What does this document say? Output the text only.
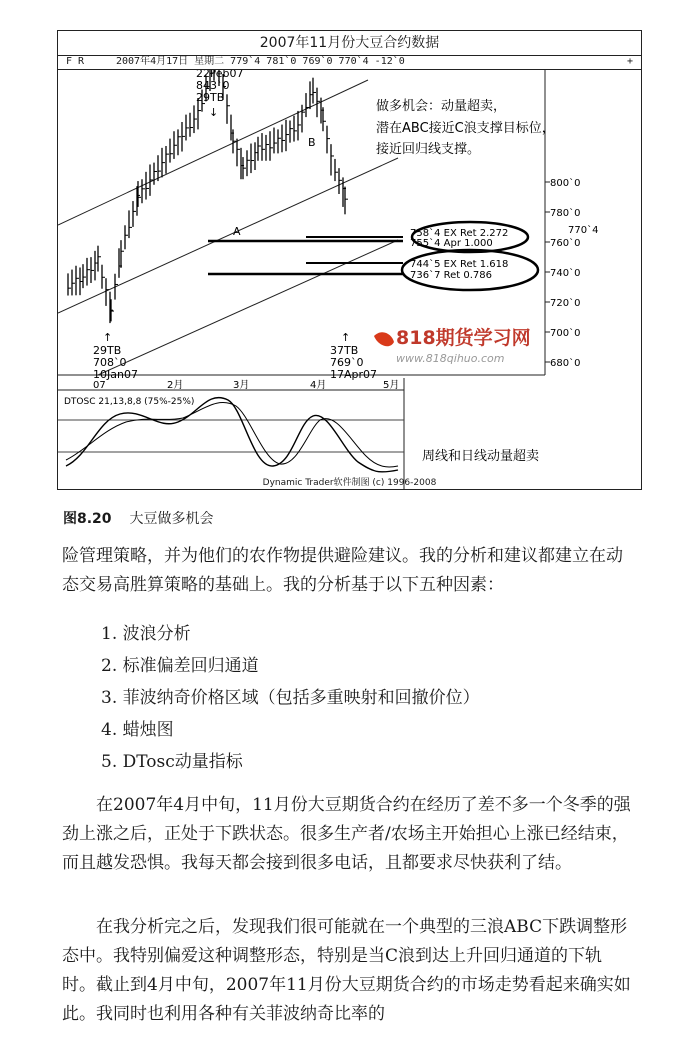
2007年11月份大豆合约数据
F R	2007年4月17日 星期二 779`4 781`0 769`0 770`4 -12`0	+
758`4 EX Ret 2.272
755`4 Apr 1.000
744`5 EX Ret 1.618
736`7 Ret 0.786
800`0
780`0
770`4
760`0
740`0
720`0
700`0
680`0
22Feb07
843`0
29TB
↓
↑
29TB
708`0
10Jan07
↑
37TB
769`0
17Apr07
A
B
做多机会：动量超卖，
潜在ABC接近C浪支撑目标位，
接近回归线支撑。
07	2月	3月	4月	5月
DTOSC 21,13,8,8 (75%-25%)
周线和日线动量超卖
Dynamic Trader软件制图 (c) 1996-2008
818期货学习网
www.818qihuo.com
图8.20 大豆做多机会

险管理策略，并为他们的农作物提供避险建议。我的分析和建议都建立在动态交易高胜算策略的基础上。我的分析基于以下五种因素：

1. 波浪分析
2. 标准偏差回归通道
3. 菲波纳奇价格区域（包括多重映射和回撤价位）
4. 蜡烛图
5. DTosc动量指标

在2007年4月中旬，11月份大豆期货合约在经历了差不多一个冬季的强劲上涨之后，正处于下跌状态。很多生产者/农场主开始担心上涨已经结束，而且越发恐惧。我每天都会接到很多电话，且都要求尽快获利了结。

在我分析完之后，发现我们很可能就在一个典型的三浪ABC下跌调整形态中。我特别偏爱这种调整形态，特别是当C浪到达上升回归通道的下轨时。截止到4月中旬，2007年11月份大豆期货合约的市场走势看起来确实如此。我同时也利用各种有关菲波纳奇比率的
